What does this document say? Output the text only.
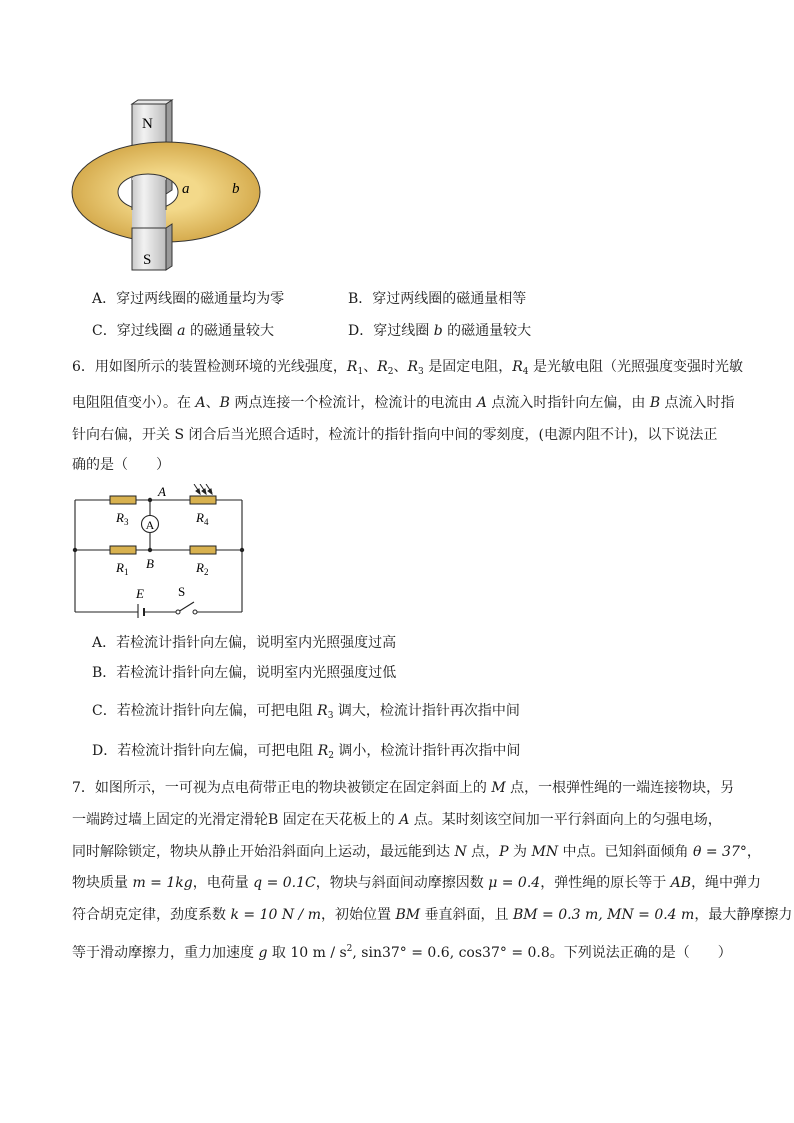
N
S
a	b
A．穿过两线圈的磁通量均为零	B．穿过两线圈的磁通量相等
C．穿过线圈 a 的磁通量较大	D．穿过线圈 b 的磁通量较大
6．用如图所示的装置检测环境的光线强度，$R_1$、$R_2$、$R_3$ 是固定电阻，$R_4$ 是光敏电阻（光照强度变强时光敏
电阻阻值变小）。在 A、B 两点连接一个检流计，检流计的电流由 A 点流入时指针向左偏，由 B 点流入时指
针向右偏，开关 S 闭合后当光照合适时，检流计的指针指向中间的零刻度，(电源内阻不计)，以下说法正
确的是（　　）
A
A
B
$R_3$	$R_4$
$R_1$	$R_2$
E	S
A．若检流计指针向左偏，说明室内光照强度过高
B．若检流计指针向左偏，说明室内光照强度过低
C．若检流计指针向左偏，可把电阻 $R_3$ 调大，检流计指针再次指中间
D．若检流计指针向左偏，可把电阻 $R_2$ 调小，检流计指针再次指中间
7．如图所示，一可视为点电荷带正电的物块被锁定在固定斜面上的 M 点，一根弹性绳的一端连接物块，另
一端跨过墙上固定的光滑定滑轮B 固定在天花板上的 A 点。某时刻该空间加一平行斜面向上的匀强电场，
同时解除锁定，物块从静止开始沿斜面向上运动，最远能到达 N 点，P 为 MN 中点。已知斜面倾角 θ = 37°，
物块质量 m = 1kg，电荷量 q = 0.1C，物块与斜面间动摩擦因数 μ = 0.4，弹性绳的原长等于 AB，绳中弹力
符合胡克定律，劲度系数 k = 10 N / m，初始位置 BM 垂直斜面，且 BM = 0.3 m, MN = 0.4 m，最大静摩擦力
等于滑动摩擦力，重力加速度 g 取 10 m / $s^2$, sin37° = 0.6, cos37° = 0.8。下列说法正确的是（　　）
